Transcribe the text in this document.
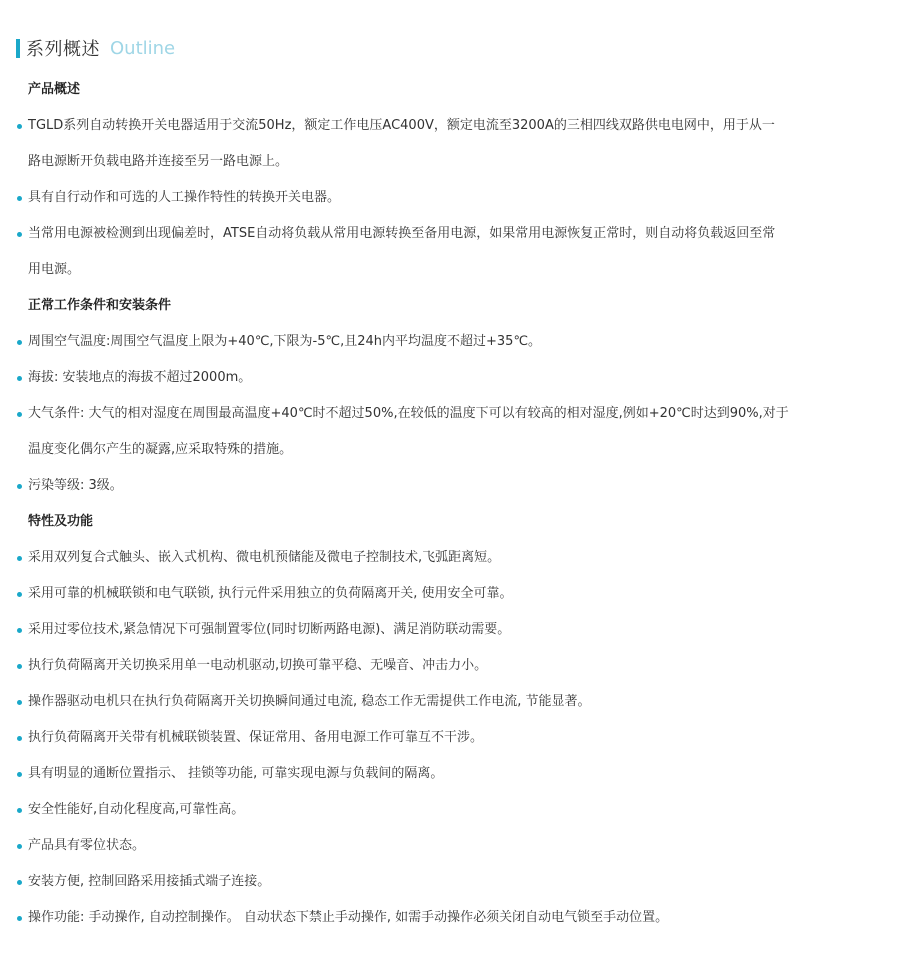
系列概述 Outline
产品概述
TGLD系列自动转换开关电器适用于交流50Hz，额定工作电压AC400V，额定电流至3200A的三相四线双路供电电网中，用于从一
路电源断开负载电路并连接至另一路电源上。
具有自行动作和可选的人工操作特性的转换开关电器。
当常用电源被检测到出现偏差时，ATSE自动将负载从常用电源转换至备用电源，如果常用电源恢复正常时，则自动将负载返回至常
用电源。
正常工作条件和安装条件
周围空气温度:周围空气温度上限为+40℃,下限为-5℃,且24h内平均温度不超过+35℃。
海拔: 安装地点的海拔不超过2000m。
大气条件: 大气的相对湿度在周围最高温度+40℃时不超过50%,在较低的温度下可以有较高的相对湿度,例如+20℃时达到90%,对于
温度变化偶尔产生的凝露,应采取特殊的措施。
污染等级: 3级。
特性及功能
采用双列复合式触头、嵌入式机构、微电机预储能及微电子控制技术,飞弧距离短。
采用可靠的机械联锁和电气联锁, 执行元件采用独立的负荷隔离开关, 使用安全可靠。
采用过零位技术,紧急情况下可强制置零位(同时切断两路电源)、满足消防联动需要。
执行负荷隔离开关切换采用单一电动机驱动,切换可靠平稳、无噪音、冲击力小。
操作器驱动电机只在执行负荷隔离开关切换瞬间通过电流, 稳态工作无需提供工作电流, 节能显著。
执行负荷隔离开关带有机械联锁装置、保证常用、备用电源工作可靠互不干涉。
具有明显的通断位置指示、 挂锁等功能, 可靠实现电源与负载间的隔离。
安全性能好,自动化程度高,可靠性高。
产品具有零位状态。
安装方便, 控制回路采用接插式端子连接。
操作功能: 手动操作, 自动控制操作。 自动状态下禁止手动操作, 如需手动操作必须关闭自动电气锁至手动位置。
